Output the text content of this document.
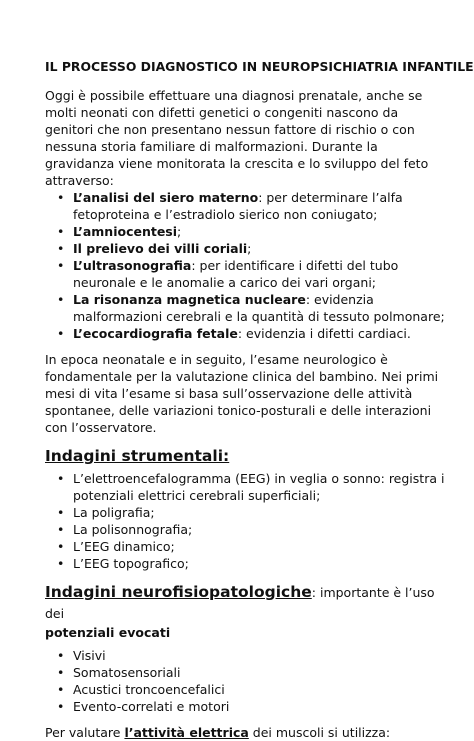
IL PROCESSO DIAGNOSTICO IN NEUROPSICHIATRIA INFANTILE

Oggi è possibile effettuare una diagnosi prenatale, anche se molti neonati con difetti genetici o congeniti nascono da genitori che non presentano nessun fattore di rischio o con nessuna storia familiare di malformazioni. Durante la gravidanza viene monitorata la crescita e lo sviluppo del feto attraverso:

• L’analisi del siero materno: per determinare l’alfa fetoproteina e l’estradiolo sierico non coniugato;
• L’amniocentesi;
• Il prelievo dei villi coriali;
• L’ultrasonografia: per identificare i difetti del tubo neuronale e le anomalie a carico dei vari organi;
• La risonanza magnetica nucleare: evidenzia malformazioni cerebrali e la quantità di tessuto polmonare;
• L’ecocardiografia fetale: evidenzia i difetti cardiaci.

In epoca neonatale e in seguito, l’esame neurologico è fondamentale per la valutazione clinica del bambino. Nei primi mesi di vita l’esame si basa sull’osservazione delle attività spontanee, delle variazioni tonico-posturali e delle interazioni con l’osservatore.

Indagini strumentali:
• L’elettroencefalogramma (EEG) in veglia o sonno: registra i potenziali elettrici cerebrali superficiali;
• La poligrafia;
• La polisonnografia;
• L’EEG dinamico;
• L’EEG topografico;
Indagini neurofisiopatologiche: importante è l’uso dei
potenziali evocati
• Visivi
• Somatosensoriali
• Acustici troncoencefalici
• Evento-correlati e motori

Per valutare l’attività elettrica dei muscoli si utilizza:
